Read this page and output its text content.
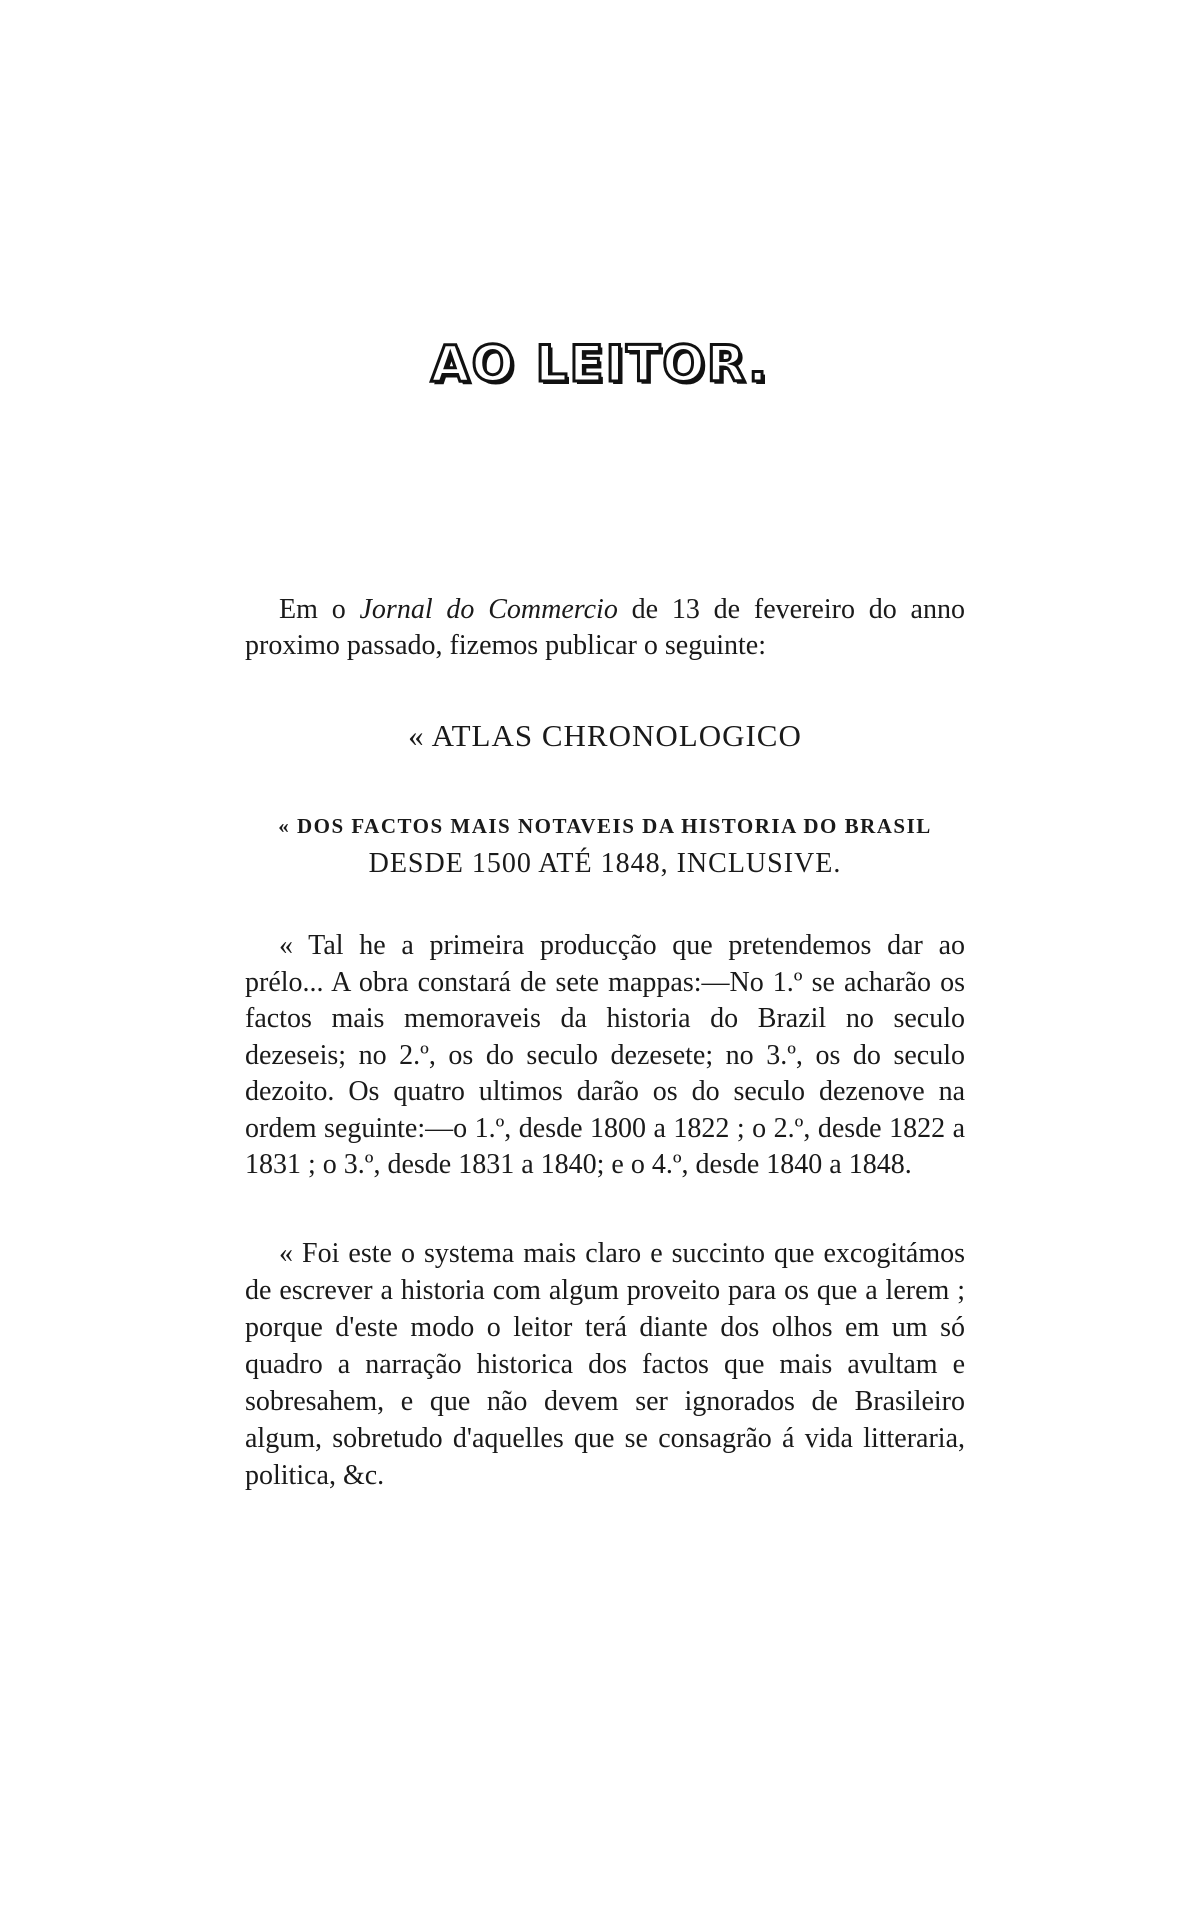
AO LEITOR.
Em o Jornal do Commercio de 13 de fevereiro do anno proximo passado, fizemos publicar o seguinte:
« ATLAS CHRONOLOGICO
« DOS FACTOS MAIS NOTAVEIS DA HISTORIA DO BRASIL
DESDE 1500 ATÉ 1848, INCLUSIVE.
« Tal he a primeira producção que pretendemos dar ao prélo... A obra constará de sete mappas:—No 1.º se acharão os factos mais memoraveis da historia do Brazil no seculo dezeseis; no 2.º, os do seculo dezesete; no 3.º, os do seculo dezoito. Os quatro ultimos darão os do seculo dezenove na ordem seguinte:—o 1.º, desde 1800 a 1822 ; o 2.º, desde 1822 a 1831 ; o 3.º, desde 1831 a 1840; e o 4.º, desde 1840 a 1848.
« Foi este o systema mais claro e succinto que excogitámos de escrever a historia com algum proveito para os que a lerem ; porque d'este modo o leitor terá diante dos olhos em um só quadro a narração historica dos factos que mais avultam e sobresahem, e que não devem ser ignorados de Brasileiro algum, sobretudo d'aquelles que se consagrão á vida litteraria, politica, &c.
